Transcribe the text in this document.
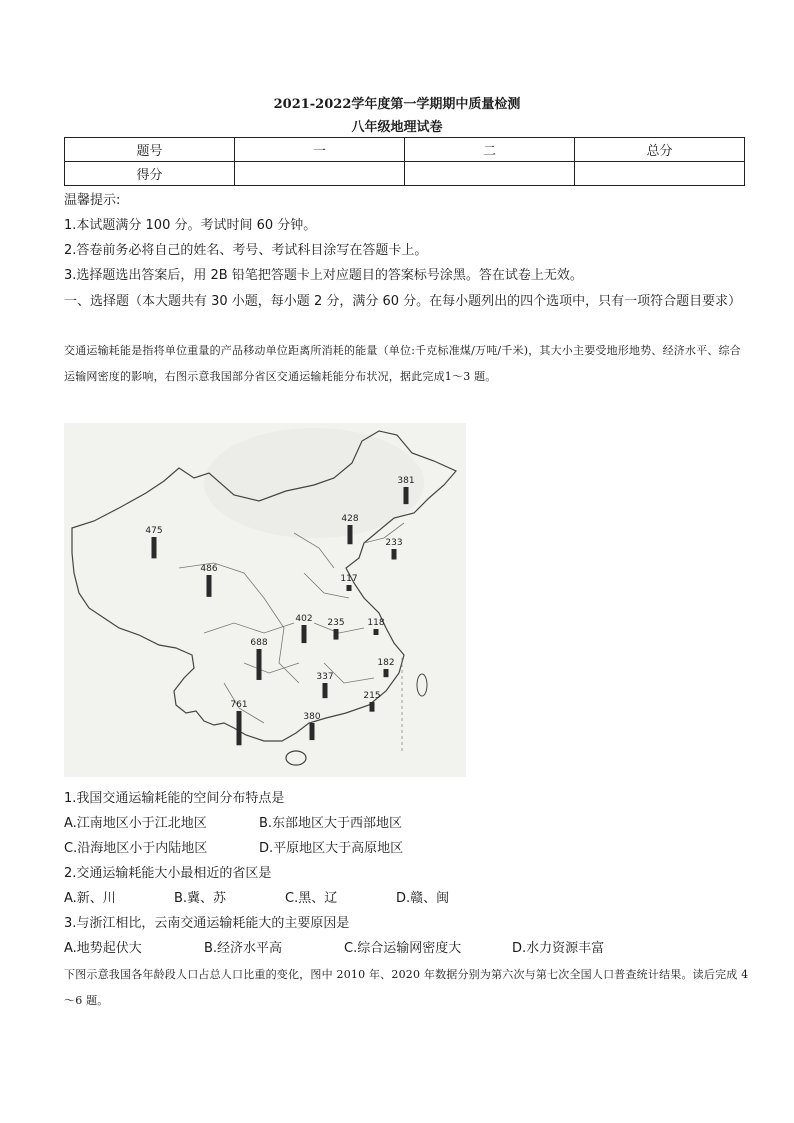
2021-2022学年度第一学期期中质量检测
八年级地理试卷
题号	一	二	总分
得分			
温馨提示:
1.本试题满分 100 分。考试时间 60 分钟。
2.答卷前务必将自己的姓名、考号、考试科目涂写在答题卡上。
3.选择题选出答案后，用 2B 铅笔把答题卡上对应题目的答案标号涂黑。答在试卷上无效。
一、选择题（本大题共有 30 小题，每小题 2 分，满分 60 分。在每小题列出的四个选项中，只有一项符合题目要求）
交通运输耗能是指将单位重量的产品移动单位距离所消耗的能量（单位:千克标准煤/万吨/千米)，其大小主要受地形地势、经济水平、综合运输网密度的影响，右图示意我国部分省区交通运输耗能分布状况，据此完成1～3 题。
381
428
233
117
475
486
402 235	118
688
182
337
215
761
380
1.我国交通运输耗能的空间分布特点是
A.江南地区小于江北地区	B.东部地区大于西部地区
C.沿海地区小于内陆地区	D.平原地区大于高原地区
2.交通运输耗能大小最相近的省区是
A.新、川	B.冀、苏	C.黑、辽	D.赣、闽
3.与浙江相比，云南交通运输耗能大的主要原因是
A.地势起伏大	B.经济水平高	C.综合运输网密度大	D.水力资源丰富
下图示意我国各年龄段人口占总人口比重的变化，图中 2010 年、2020 年数据分别为第六次与第七次全国人口普查统计结果。读后完成 4～6 题。
